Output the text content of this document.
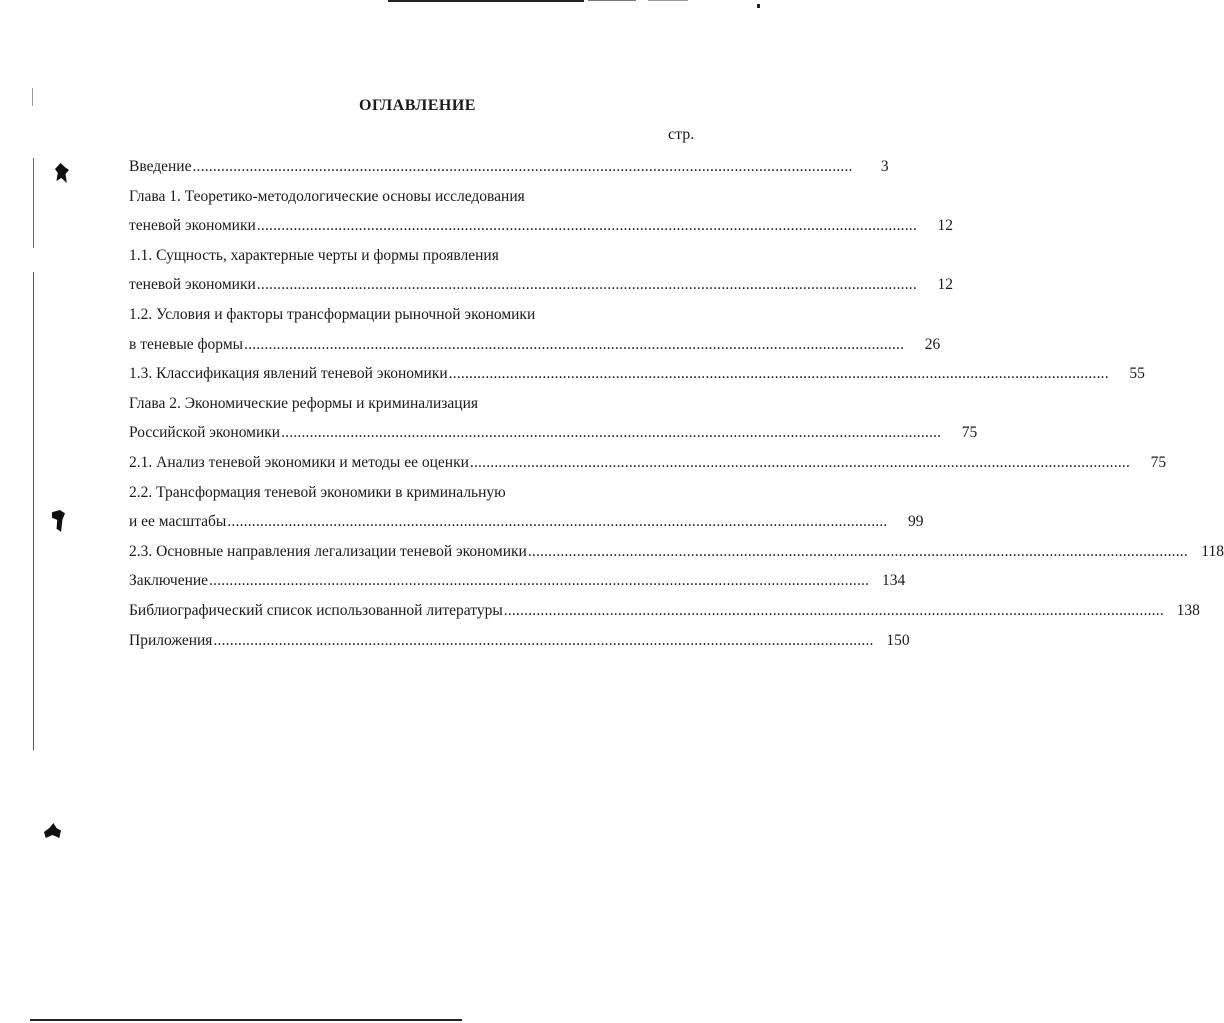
ОГЛАВЛЕНИЕ
стр.
Введение ..................................................................................................................................................................	3
Глава 1. Теоретико-методологические основы исследования
теневой экономики ..................................................................................................................................................................	12
1.1. Сущность, характерные черты и формы проявления
теневой экономики ..................................................................................................................................................................	12
1.2. Условия и факторы трансформации рыночной экономики
в теневые формы ..................................................................................................................................................................	26
1.3. Классификация явлений теневой экономики ..................................................................................................................................................................	55
Глава 2. Экономические реформы и криминализация
Российской экономики ..................................................................................................................................................................	75
2.1. Анализ теневой экономики и методы ее оценки ..................................................................................................................................................................	75
2.2. Трансформация теневой экономики в криминальную
и ее масштабы ..................................................................................................................................................................	99
2.3. Основные направления легализации теневой экономики .................................................................................................................................................................. 118
Заключение .................................................................................................................................................................. 134
Библиографический список использованной литературы .................................................................................................................................................................. 138
Приложения .................................................................................................................................................................. 150
